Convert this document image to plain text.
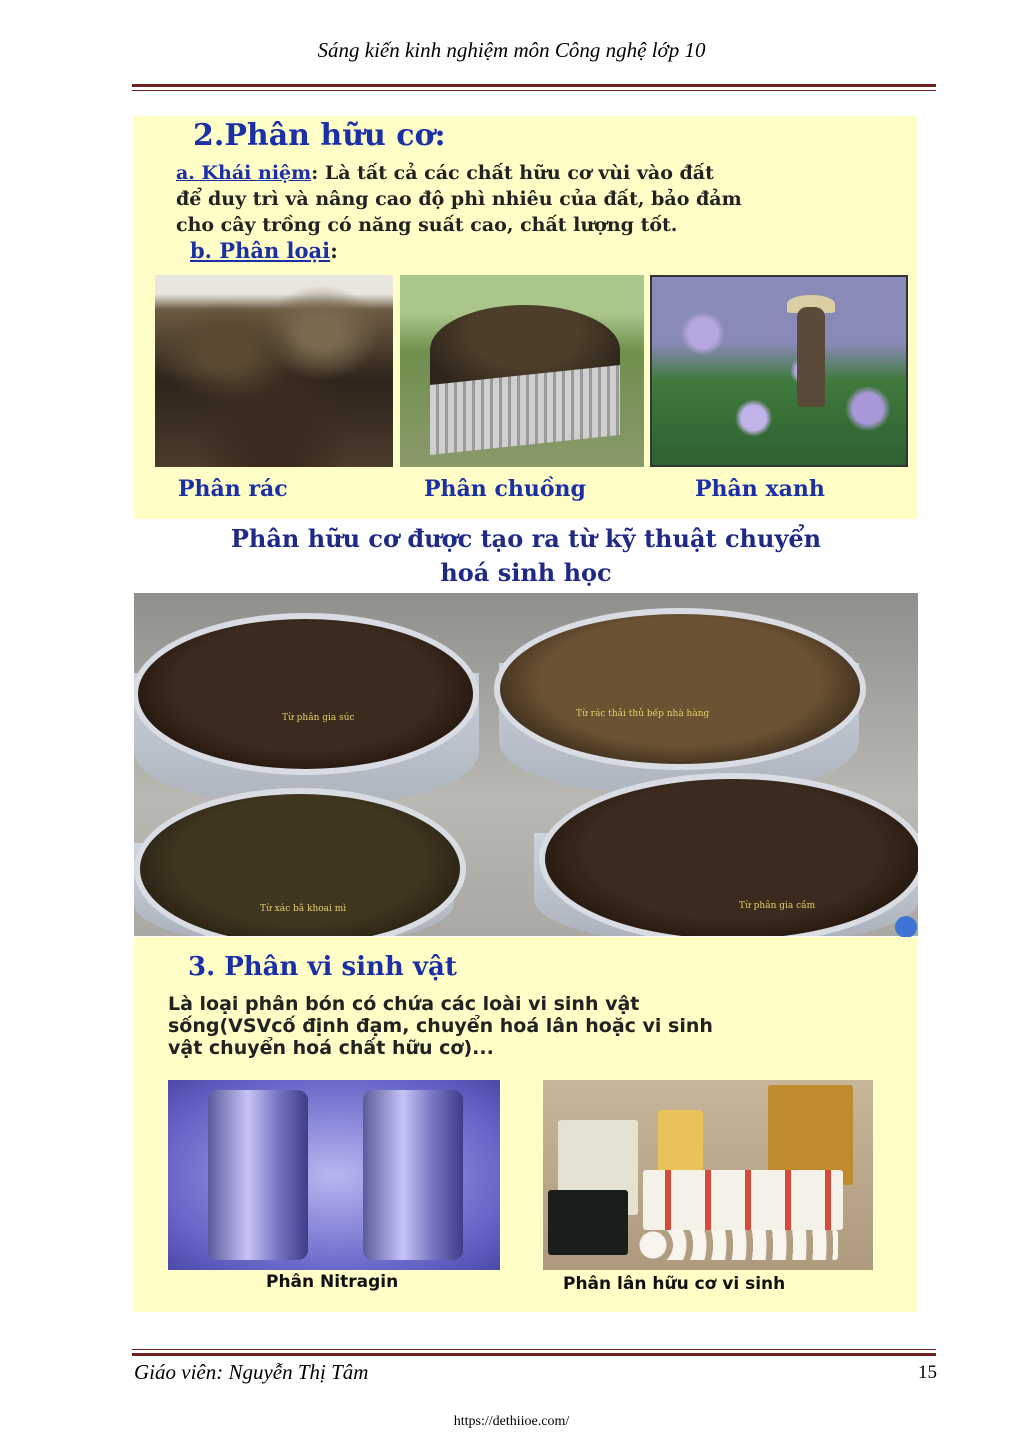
Sáng kiến kinh nghiệm môn Công nghệ lớp 10
2.Phân hữu cơ:
a. Khái niệm: Là tất cả các chất hữu cơ vùi vào đất
để duy trì và nâng cao độ phì nhiêu của đất, bảo đảm
cho cây trồng có năng suất cao, chất lượng tốt.
b. Phân loại:
Phân rác	Phân chuồng	Phân xanh
Phân hữu cơ được tạo ra từ kỹ thuật chuyển
hoá sinh học
Từ phân gia súc	Từ rác thải thủ bếp nhà hàng
Từ xác bã khoai mì	Từ phân gia cầm
3. Phân vi sinh vật
Là loại phân bón có chứa các loài vi sinh vật
sống(VSVcố định đạm, chuyển hoá lân hoặc vi sinh
vật chuyển hoá chất hữu cơ)...
Phân Nitragin	Phân lân hữu cơ vi sinh
Giáo viên: Nguyễn Thị Tâm	15
https://dethiioe.com/
